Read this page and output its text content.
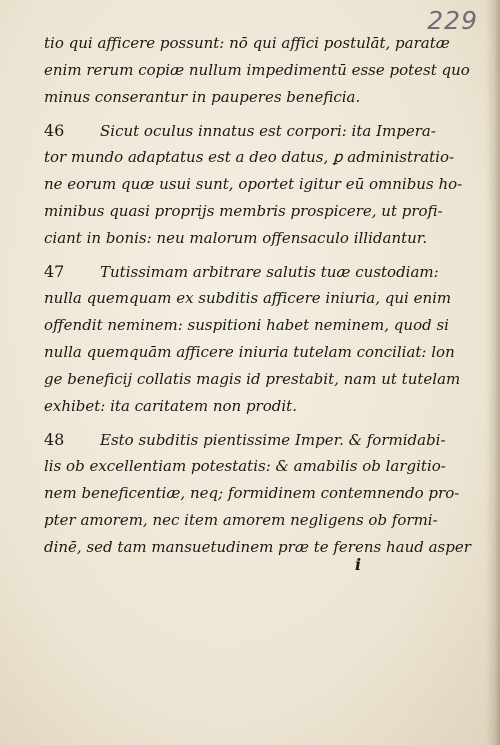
229
tio qui afficere possunt: nō qui affici postulāt, paratæ
enim rerum copiæ nullum impedimentū esse potest quo
minus conserantur in pauperes beneficia.
46 Sicut oculus innatus est corpori: ita Impera-
tor mundo adaptatus est a deo datus, ꝑ administratio-
ne eorum quæ usui sunt, oportet igitur eū omnibus ho-
minibus quasi proprijs membris prospicere, ut profi-
ciant in bonis: neu malorum offensaculo illidantur.
47 Tutissimam arbitrare salutis tuæ custodiam:
nulla quemquam ex subditis afficere iniuria, qui enim
offendit neminem: suspitioni habet neminem, quod si
nulla quemquām afficere iniuria tutelam conciliat: lon
ge beneficij collatis magis id prestabit, nam ut tutelam
exhibet: ita caritatem non prodit.
48 Esto subditis pientissime Imper. & formidabi-
lis ob excellentiam potestatis: & amabilis ob largitio-
nem beneficentiæ, neq; formidinem contemnendo pro-
pter amorem, nec item amorem negligens ob formi-
dinē, sed tam mansuetudinem præ te ferens haud asper
i
